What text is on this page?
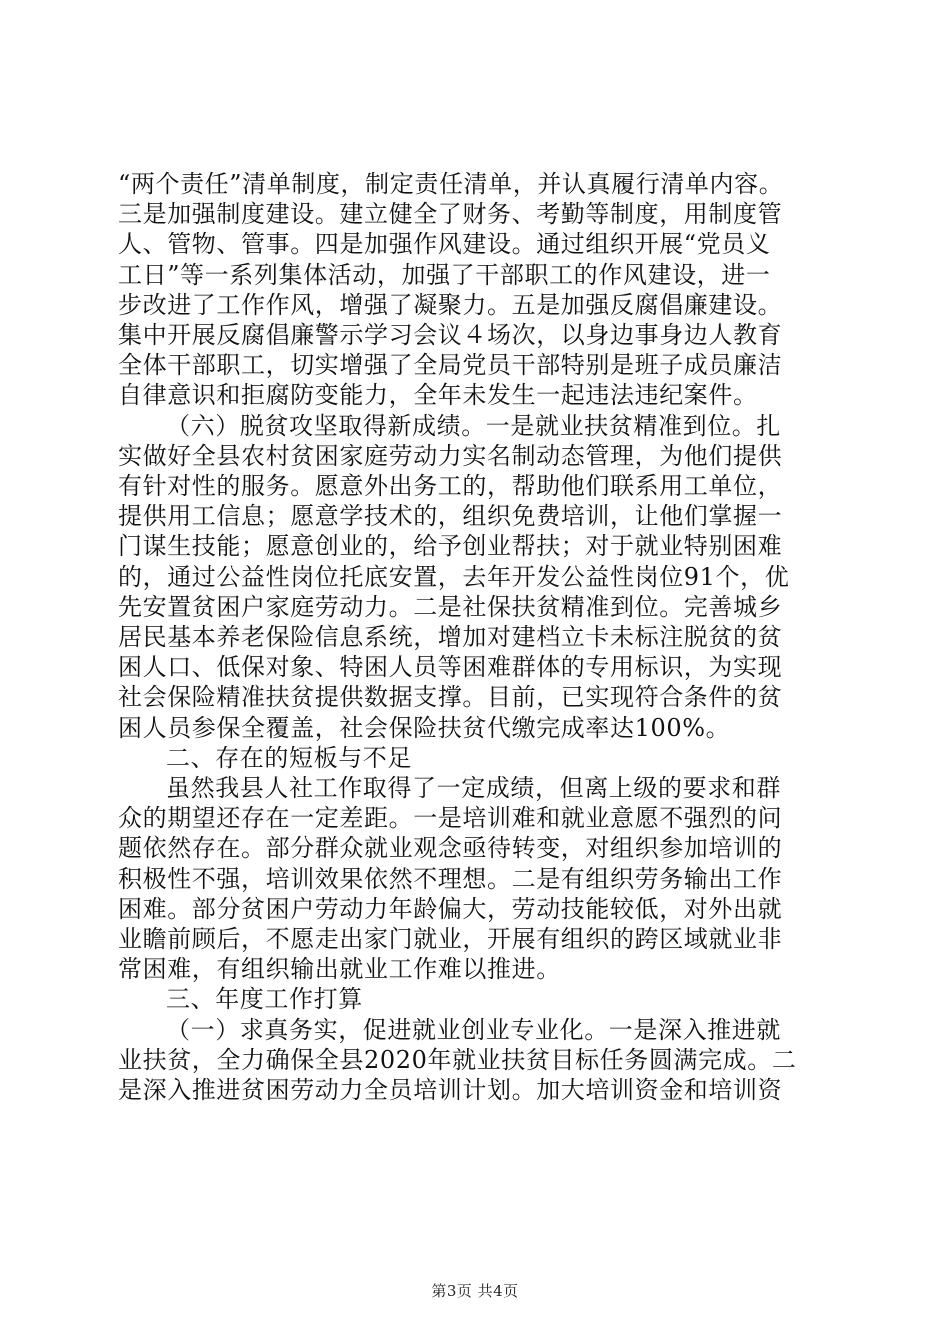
“两个责任”清单制度，制定责任清单，并认真履行清单内容。
三是加强制度建设。建立健全了财务、考勤等制度，用制度管
人、管物、管事。四是加强作风建设。通过组织开展“党员义
工日”等一系列集体活动，加强了干部职工的作风建设，进一
步改进了工作作风，增强了凝聚力。五是加强反腐倡廉建设。
集中开展反腐倡廉警示学习会议４场次，以身边事身边人教育
全体干部职工，切实增强了全局党员干部特别是班子成员廉洁
自律意识和拒腐防变能力，全年未发生一起违法违纪案件。
（六）脱贫攻坚取得新成绩。一是就业扶贫精准到位。扎
实做好全县农村贫困家庭劳动力实名制动态管理，为他们提供
有针对性的服务。愿意外出务工的，帮助他们联系用工单位，
提供用工信息；愿意学技术的，组织免费培训，让他们掌握一
门谋生技能；愿意创业的，给予创业帮扶；对于就业特别困难
的，通过公益性岗位托底安置，去年开发公益性岗位91个，优
先安置贫困户家庭劳动力。二是社保扶贫精准到位。完善城乡
居民基本养老保险信息系统，增加对建档立卡未标注脱贫的贫
困人口、低保对象、特困人员等困难群体的专用标识，为实现
社会保险精准扶贫提供数据支撑。目前，已实现符合条件的贫
困人员参保全覆盖，社会保险扶贫代缴完成率达100%。
二、存在的短板与不足
虽然我县人社工作取得了一定成绩，但离上级的要求和群
众的期望还存在一定差距。一是培训难和就业意愿不强烈的问
题依然存在。部分群众就业观念亟待转变，对组织参加培训的
积极性不强，培训效果依然不理想。二是有组织劳务输出工作
困难。部分贫困户劳动力年龄偏大，劳动技能较低，对外出就
业瞻前顾后，不愿走出家门就业，开展有组织的跨区域就业非
常困难，有组织输出就业工作难以推进。
三、年度工作打算
（一）求真务实，促进就业创业专业化。一是深入推进就
业扶贫，全力确保全县2020年就业扶贫目标任务圆满完成。二
是深入推进贫困劳动力全员培训计划。加大培训资金和培训资
第3页 共4页
